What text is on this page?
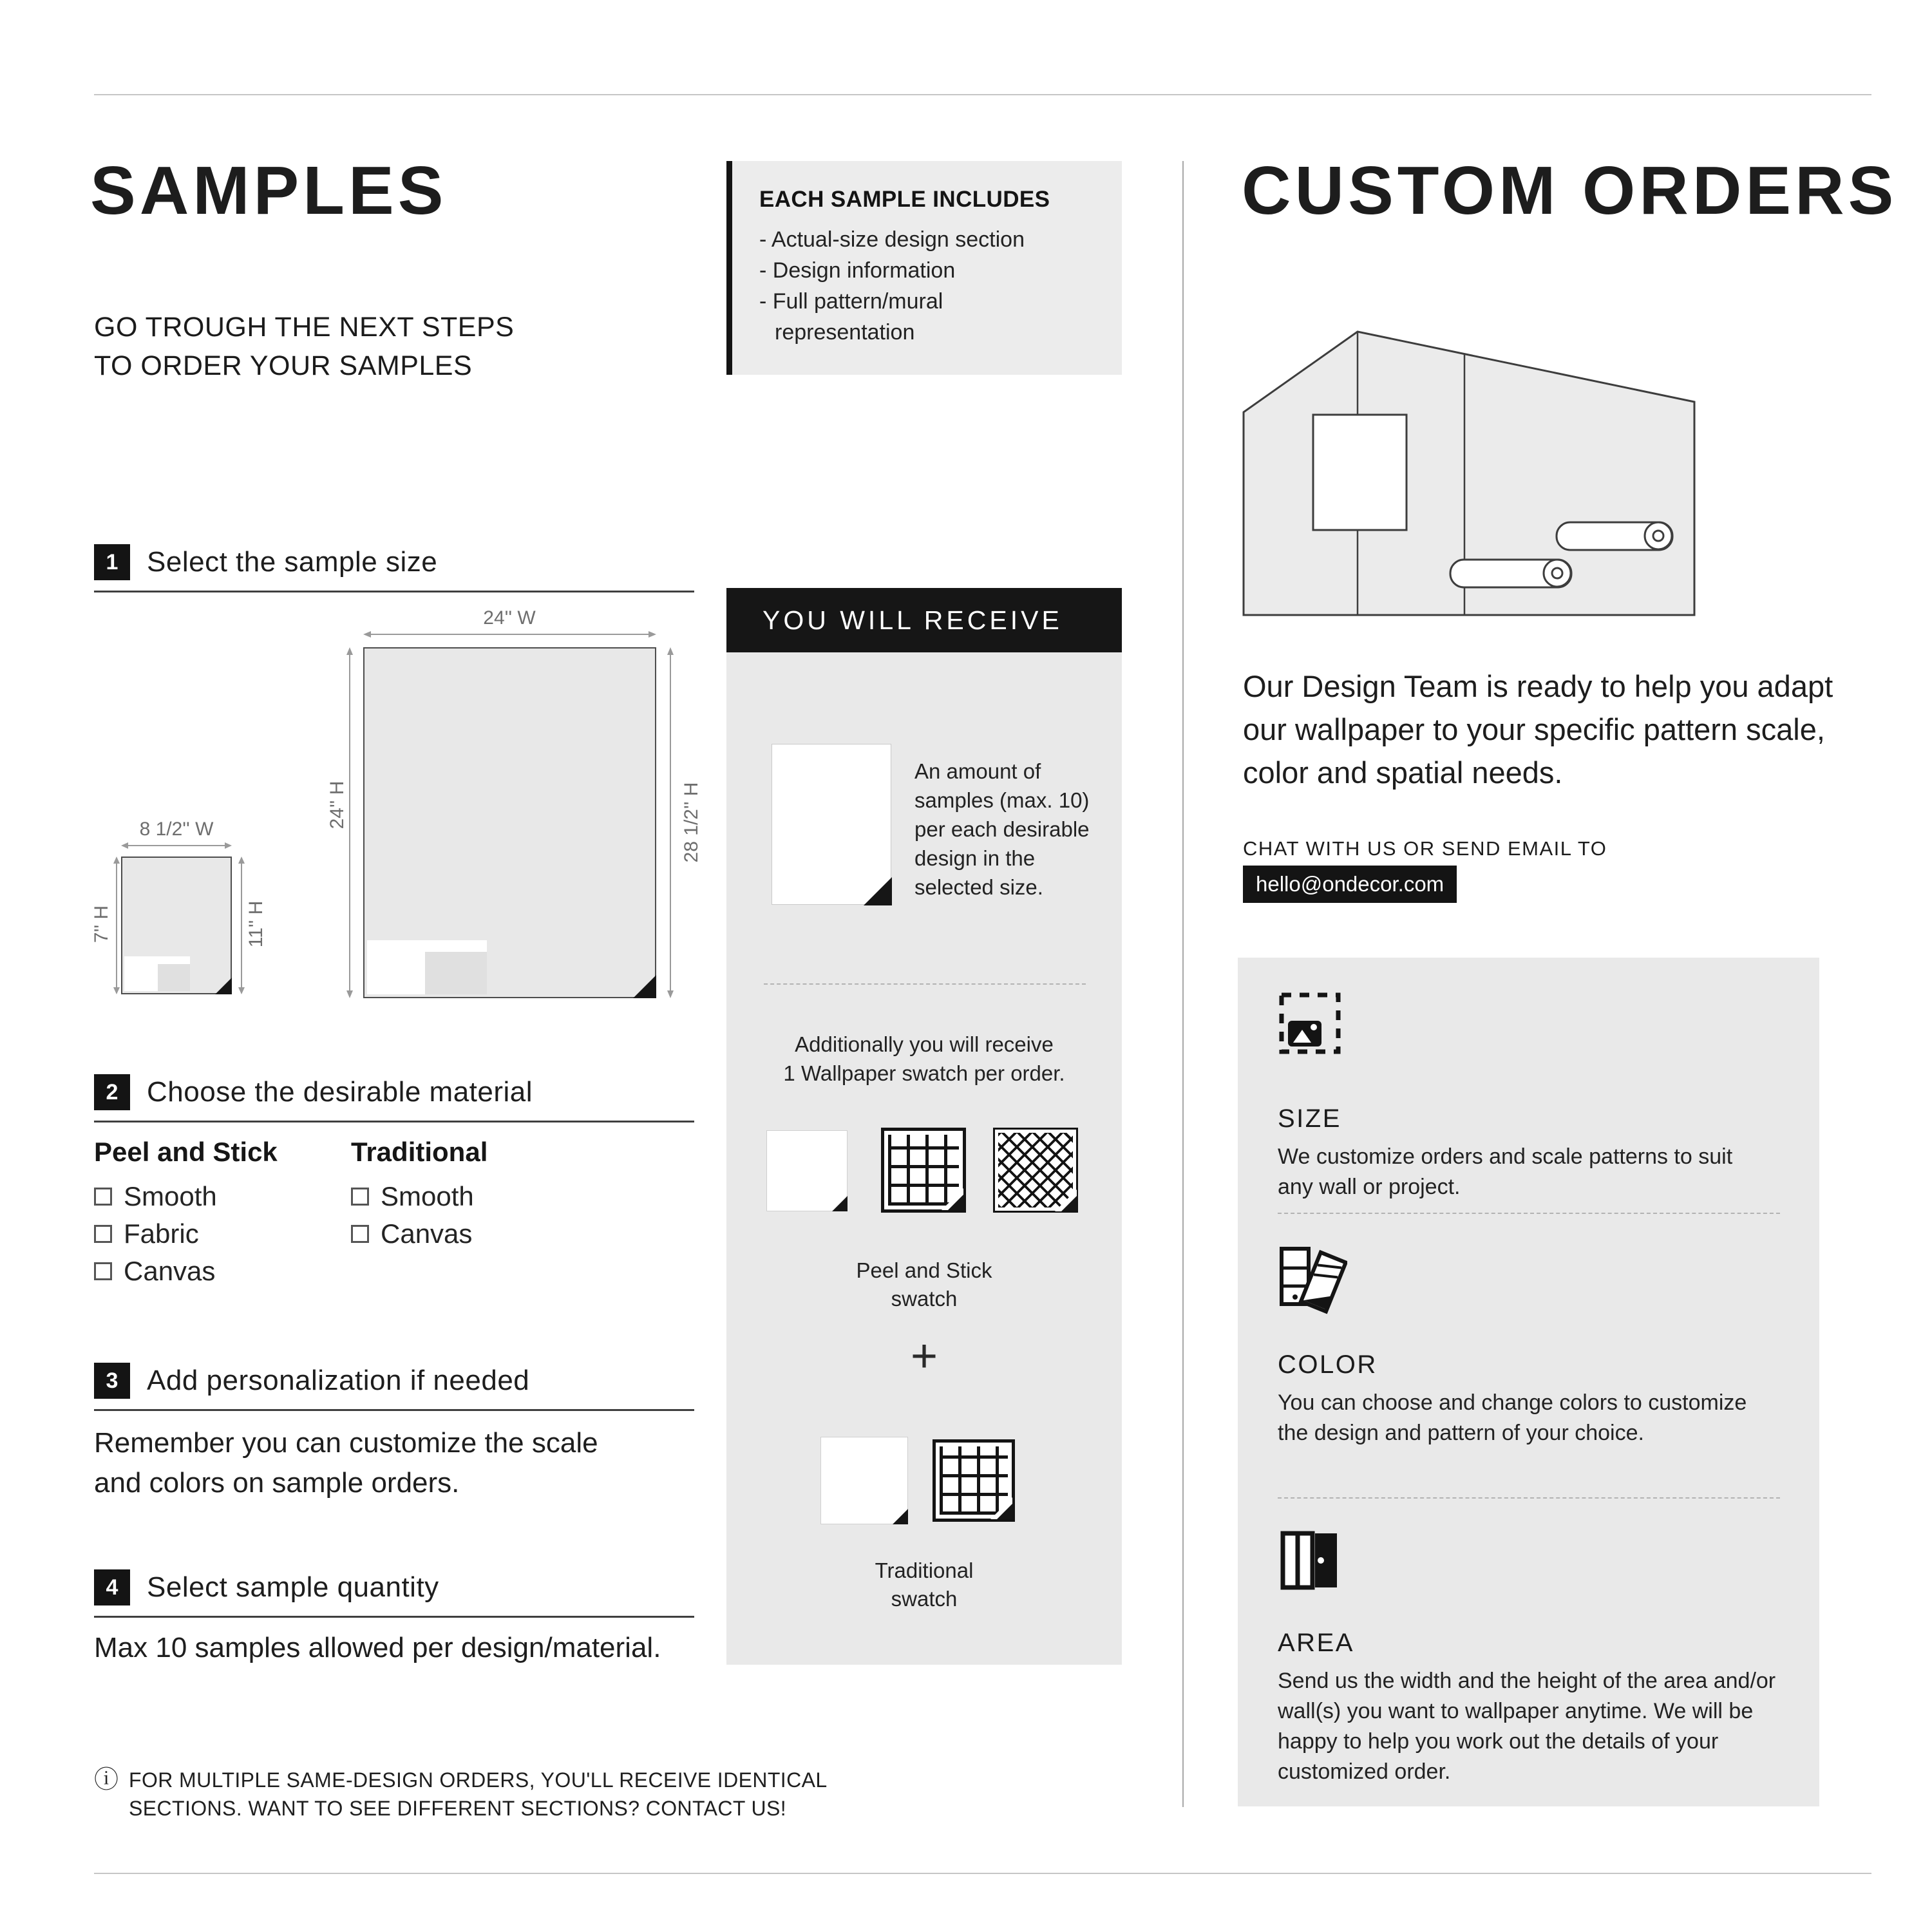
SAMPLES
GO TROUGH THE NEXT STEPS
TO ORDER YOUR SAMPLES
1	Select the sample size
24'' W
24'' H	28 1/2'' H
8 1/2'' W
7'' H	11'' H
2	Choose the desirable material
Peel and Stick
Smooth
Fabric
Canvas
Traditional
Smooth
Canvas
3	Add personalization if needed

Remember you can customize the scale and colors on sample orders.

4	Select sample quantity

Max 10 samples allowed per design/material.

ⓘ
FOR MULTIPLE SAME-DESIGN ORDERS, YOU'LL RECEIVE IDENTICAL
SECTIONS. WANT TO SEE DIFFERENT SECTIONS? CONTACT US!
EACH SAMPLE INCLUDES
- Actual-size design section
- Design information
- Full pattern/mural
representation
YOU WILL RECEIVE

An amount of samples (max. 10) per each desirable design in the selected size.

Additionally you will receive
1 Wallpaper swatch per order.
Peel and Stick
swatch
+
Traditional
swatch
CUSTOM ORDERS

Our Design Team is ready to help you adapt our wallpaper to your specific pattern scale, color and spatial needs.

CHAT WITH US OR SEND EMAIL TO
hello@ondecor.com
SIZE

We customize orders and scale patterns to suit any wall or project.

COLOR

You can choose and change colors to customize the design and pattern of your choice.

AREA

Send us the width and the height of the area and/or wall(s) you want to wallpaper anytime. We will be happy to help you work out the details of your customized order.
